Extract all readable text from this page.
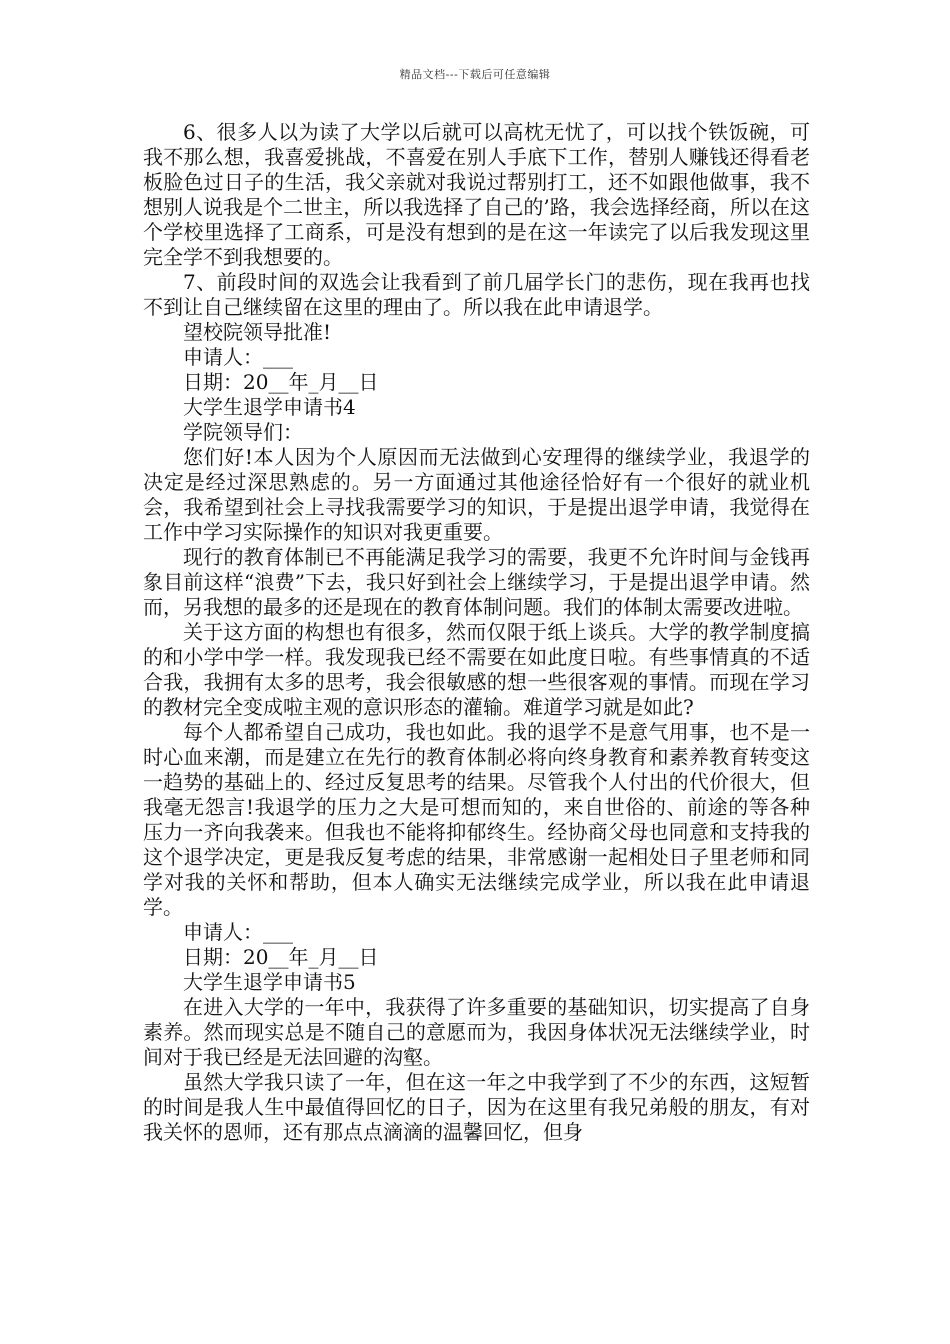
精品文档---下载后可任意编辑

6、很多人以为读了大学以后就可以高枕无忧了，可以找个铁饭碗，可我不那么想，我喜爱挑战，不喜爱在别人手底下工作，替别人赚钱还得看老板脸色过日子的生活，我父亲就对我说过帮别打工，还不如跟他做事，我不想别人说我是个二世主，所以我选择了自己的’路，我会选择经商，所以在这个学校里选择了工商系，可是没有想到的是在这一年读完了以后我发现这里完全学不到我想要的。

7、前段时间的双选会让我看到了前几届学长门的悲伤，现在我再也找不到让自己继续留在这里的理由了。所以我在此申请退学。

望校院领导批准!

申请人：___

日期：20__年_月__日

大学生退学申请书4

学院领导们：

您们好!本人因为个人原因而无法做到心安理得的继续学业，我退学的决定是经过深思熟虑的。另一方面通过其他途径恰好有一个很好的就业机会，我希望到社会上寻找我需要学习的知识，于是提出退学申请，我觉得在工作中学习实际操作的知识对我更重要。

现行的教育体制已不再能满足我学习的需要，我更不允许时间与金钱再象目前这样“浪费”下去，我只好到社会上继续学习，于是提出退学申请。然而，另我想的最多的还是现在的教育体制问题。我们的体制太需要改进啦。

关于这方面的构想也有很多，然而仅限于纸上谈兵。大学的教学制度搞的和小学中学一样。我发现我已经不需要在如此度日啦。有些事情真的不适合我，我拥有太多的思考，我会很敏感的想一些很客观的事情。而现在学习的教材完全变成啦主观的意识形态的灌输。难道学习就是如此?

每个人都希望自己成功，我也如此。我的退学不是意气用事，也不是一时心血来潮，而是建立在先行的教育体制必将向终身教育和素养教育转变这一趋势的基础上的、经过反复思考的结果。尽管我个人付出的代价很大，但我毫无怨言!我退学的压力之大是可想而知的，来自世俗的、前途的等各种压力一齐向我袭来。但我也不能将抑郁终生。经协商父母也同意和支持我的这个退学决定，更是我反复考虑的结果，非常感谢一起相处日子里老师和同学对我的关怀和帮助，但本人确实无法继续完成学业，所以我在此申请退学。

申请人：___

日期：20__年_月__日

大学生退学申请书5

在进入大学的一年中，我获得了许多重要的基础知识，切实提高了自身素养。然而现实总是不随自己的意愿而为，我因身体状况无法继续学业，时间对于我已经是无法回避的沟壑。

虽然大学我只读了一年，但在这一年之中我学到了不少的东西，这短暂的时间是我人生中最值得回忆的日子，因为在这里有我兄弟般的朋友，有对我关怀的恩师，还有那点点滴滴的温馨回忆，但身
